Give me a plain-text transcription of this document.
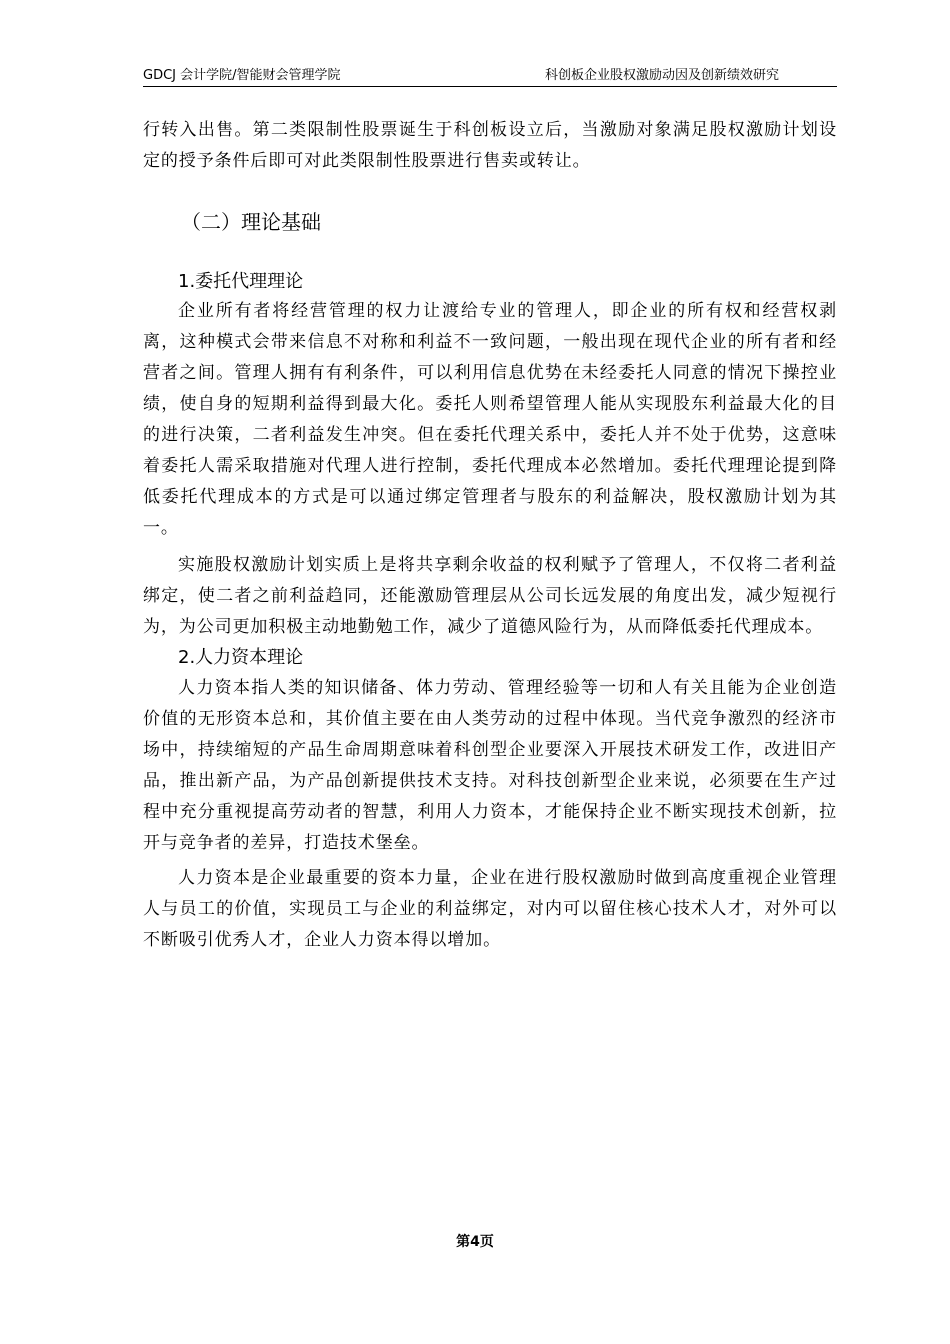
GDCJ 会计学院/智能财会管理学院	科创板企业股权激励动因及创新绩效研究

行转入出售。第二类限制性股票诞生于科创板设立后，当激励对象满足股权激励计划设定的授予条件后即可对此类限制性股票进行售卖或转让。

（二）理论基础
1.委托代理理论

企业所有者将经营管理的权力让渡给专业的管理人，即企业的所有权和经营权剥离，这种模式会带来信息不对称和利益不一致问题，一般出现在现代企业的所有者和经营者之间。管理人拥有有利条件，可以利用信息优势在未经委托人同意的情况下操控业绩，使自身的短期利益得到最大化。委托人则希望管理人能从实现股东利益最大化的目的进行决策，二者利益发生冲突。但在委托代理关系中，委托人并不处于优势，这意味着委托人需采取措施对代理人进行控制，委托代理成本必然增加。委托代理理论提到降低委托代理成本的方式是可以通过绑定管理者与股东的利益解决，股权激励计划为其一。

实施股权激励计划实质上是将共享剩余收益的权利赋予了管理人，不仅将二者利益绑定，使二者之前利益趋同，还能激励管理层从公司长远发展的角度出发，减少短视行为，为公司更加积极主动地勤勉工作，减少了道德风险行为，从而降低委托代理成本。

2.人力资本理论

人力资本指人类的知识储备、体力劳动、管理经验等一切和人有关且能为企业创造价值的无形资本总和，其价值主要在由人类劳动的过程中体现。当代竞争激烈的经济市场中，持续缩短的产品生命周期意味着科创型企业要深入开展技术研发工作，改进旧产品，推出新产品，为产品创新提供技术支持。对科技创新型企业来说，必须要在生产过程中充分重视提高劳动者的智慧，利用人力资本，才能保持企业不断实现技术创新，拉开与竞争者的差异，打造技术堡垒。

人力资本是企业最重要的资本力量，企业在进行股权激励时做到高度重视企业管理人与员工的价值，实现员工与企业的利益绑定，对内可以留住核心技术人才，对外可以不断吸引优秀人才，企业人力资本得以增加。

第4页
